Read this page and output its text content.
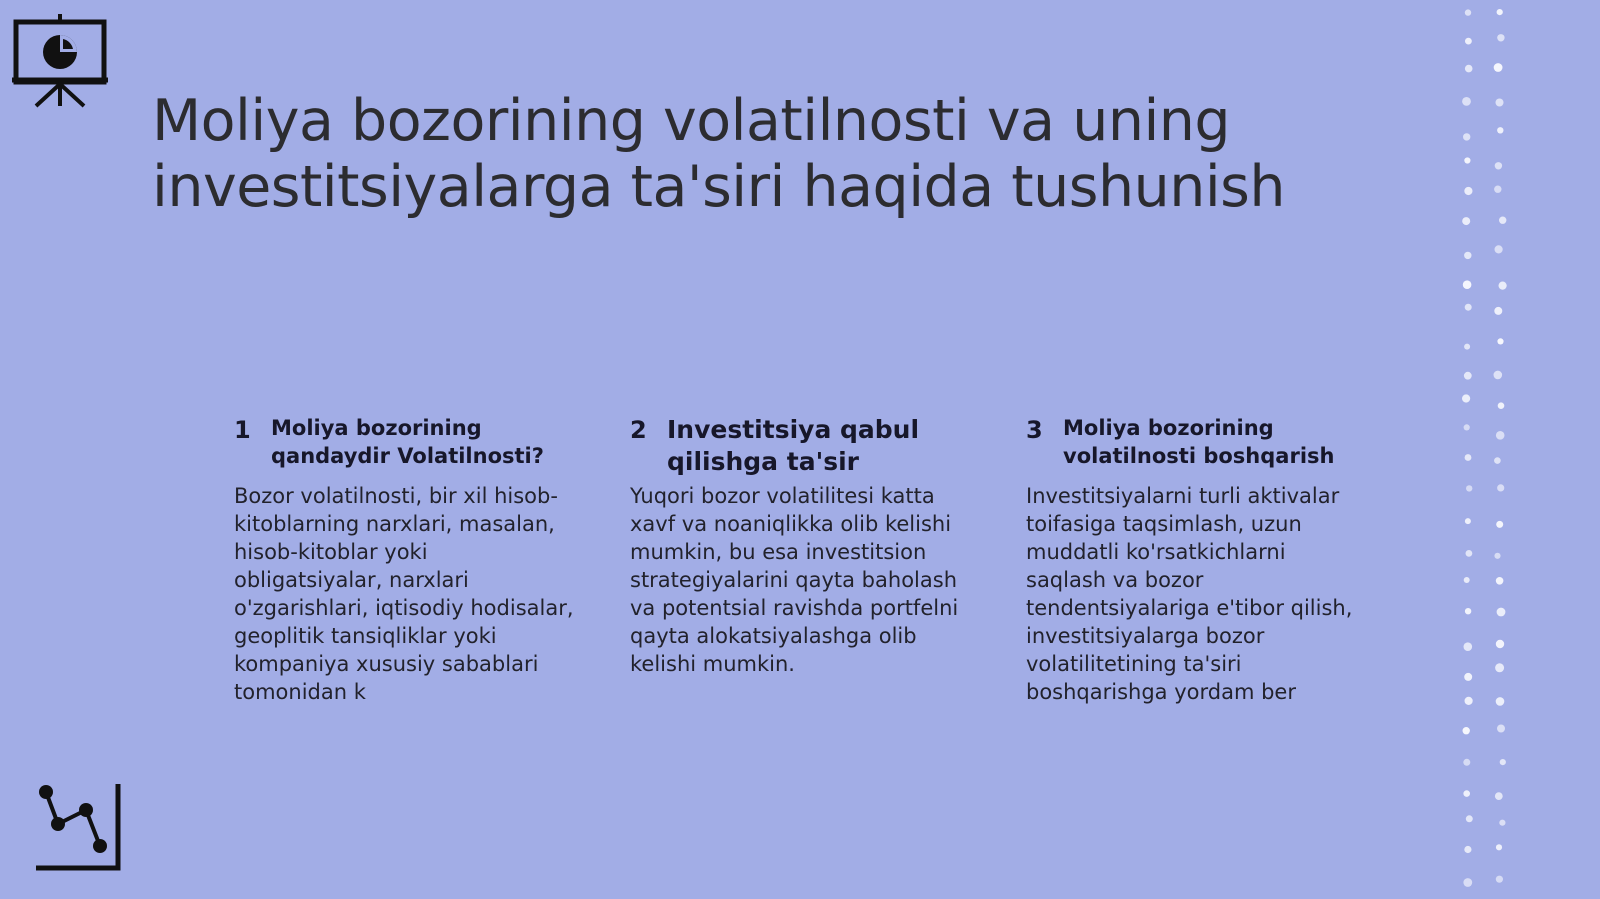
Moliya bozorining volatilnosti va uning investitsiyalarga ta'siri haqida tushunish
1 Moliya bozorining qandaydir Volatilnosti?

Bozor volatilnosti, bir xil hisob-kitoblarning narxlari, masalan, hisob-kitoblar yoki obligatsiyalar, narxlari o'zgarishlari, iqtisodiy hodisalar, geoplitik tansiqliklar yoki kompaniya xususiy sabablari tomonidan k

2 Investitsiya qabul qilishga ta'sir

Yuqori bozor volatilitesi katta xavf va noaniqlikka olib kelishi mumkin, bu esa investitsion strategiyalarini qayta baholash va potentsial ravishda portfelni qayta alokatsiyalashga olib kelishi mumkin.

3 Moliya bozorining volatilnosti boshqarish

Investitsiyalarni turli aktivalar toifasiga taqsimlash, uzun muddatli ko'rsatkichlarni saqlash va bozor tendentsiyalariga e'tibor qilish, investitsiyalarga bozor volatilitetining ta'siri boshqarishga yordam ber
